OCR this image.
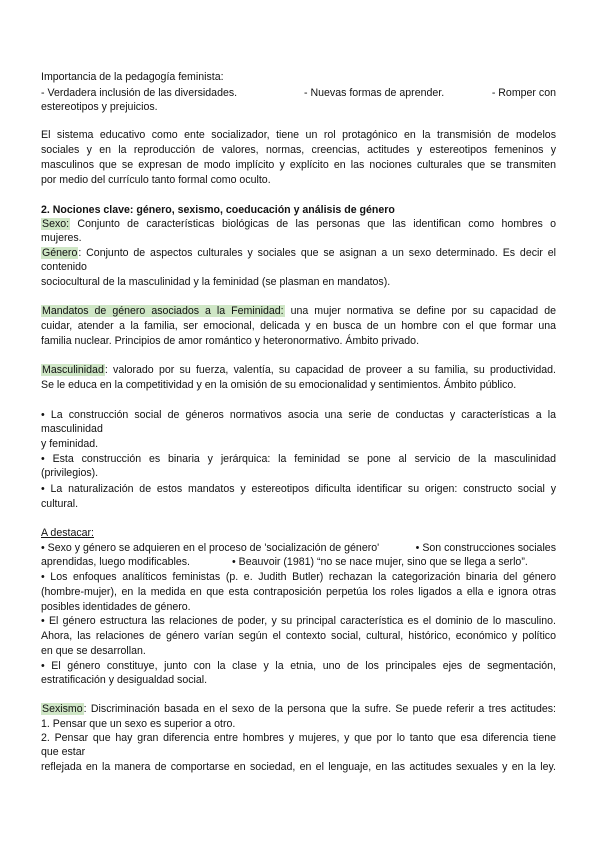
Importancia de la pedagogía feminista:
- Verdadera inclusión de las diversidades.	- Nuevas formas de aprender.	- Romper con
estereotipos y prejuicios.
El sistema educativo como ente socializador, tiene un rol protagónico en la transmisión de modelos
sociales y en la reproducción de valores, normas, creencias, actitudes y estereotipos femeninos y
masculinos que se expresan de modo implícito y explícito en las nociones culturales que se transmiten
por medio del currículo tanto formal como oculto.
2. Nociones clave: género, sexismo, coeducación y análisis de género
Sexo: Conjunto de características biológicas de las personas que las identifican como hombres o
mujeres.
Género: Conjunto de aspectos culturales y sociales que se asignan a un sexo determinado. Es decir el
contenido
sociocultural de la masculinidad y la feminidad (se plasman en mandatos).
Mandatos de género asociados a la Feminidad: una mujer normativa se define por su capacidad de
cuidar, atender a la familia, ser emocional, delicada y en busca de un hombre con el que formar una
familia nuclear. Principios de amor romántico y heteronormativo. Ámbito privado.
Masculinidad: valorado por su fuerza, valentía, su capacidad de proveer a su familia, su productividad.
Se le educa en la competitividad y en la omisión de su emocionalidad y sentimientos. Ámbito público.
• La construcción social de géneros normativos asocia una serie de conductas y características a la
masculinidad
y feminidad.
• Esta construcción es binaria y jerárquica: la feminidad se pone al servicio de la masculinidad
(privilegios).
• La naturalización de estos mandatos y estereotipos dificulta identificar su origen: constructo social y
cultural.
A destacar:
• Sexo y género se adquieren en el proceso de 'socialización de género'	• Son construcciones sociales
aprendidas, luego modificables.	• Beauvoir (1981) “no se nace mujer, sino que se llega a serlo”.
• Los enfoques analíticos feministas (p. e. Judith Butler) rechazan la categorización binaria del género
(hombre-mujer), en la medida en que esta contraposición perpetúa los roles ligados a ella e ignora otras
posibles identidades de género.
• El género estructura las relaciones de poder, y su principal característica es el dominio de lo masculino.
Ahora, las relaciones de género varían según el contexto social, cultural, histórico, económico y político
en que se desarrollan.
• El género constituye, junto con la clase y la etnia, uno de los principales ejes de segmentación,
estratificación y desigualdad social.
Sexismo: Discriminación basada en el sexo de la persona que la sufre. Se puede referir a tres actitudes:
1. Pensar que un sexo es superior a otro.
2. Pensar que hay gran diferencia entre hombres y mujeres, y que por lo tanto que esa diferencia tiene
que estar
reflejada en la manera de comportarse en sociedad, en el lenguaje, en las actitudes sexuales y en la ley.
